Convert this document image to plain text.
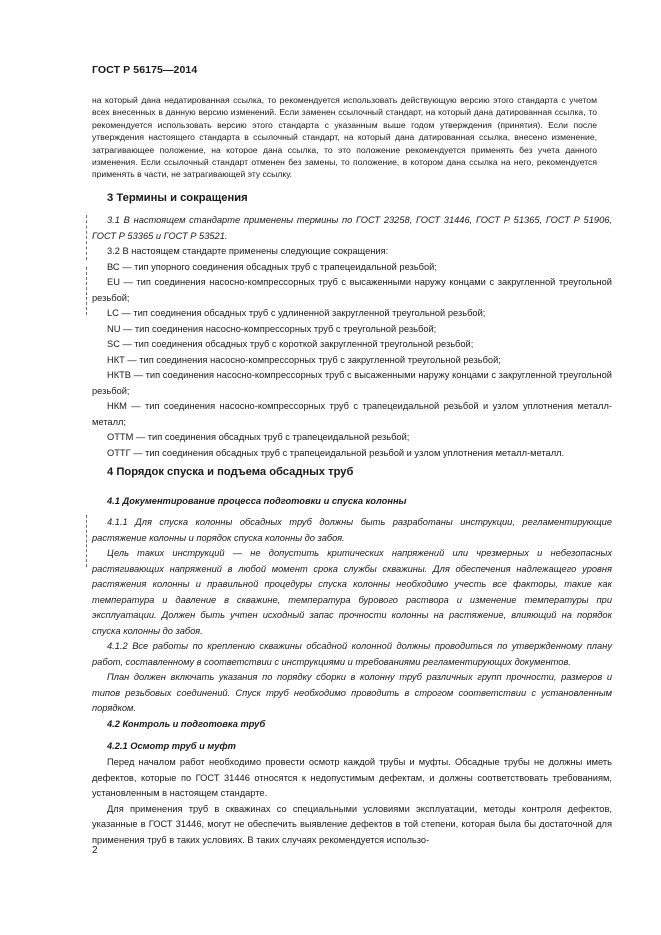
ГОСТ Р 56175—2014
на который дана недатированная ссылка, то рекомендуется использовать действующую версию этого стандарта с учетом всех внесенных в данную версию изменений. Если заменен ссылочный стандарт, на который дана датированная ссылка, то рекомендуется использовать версию этого стандарта с указанным выше годом утверждения (принятия). Если после утверждения настоящего стандарта в ссылочный стандарт, на который дана датированная ссылка, внесено изменение, затрагивающее положение, на которое дана ссылка, то это положение рекомендуется применять без учета данного изменения. Если ссылочный стандарт отменен без замены, то положение, в котором дана ссылка на него, рекомендуется применять в части, не затрагивающей эту ссылку.
3 Термины и сокращения

3.1 В настоящем стандарте применены термины по ГОСТ 23258, ГОСТ 31446, ГОСТ Р 51365, ГОСТ Р 51906, ГОСТ Р 53365 и ГОСТ Р 53521.

3.2 В настоящем стандарте применены следующие сокращения:

ВС — тип упорного соединения обсадных труб с трапецеидальной резьбой;

EU — тип соединения насосно-компрессорных труб с высаженными наружу концами с закругленной треугольной резьбой;

LC — тип соединения обсадных труб с удлиненной закругленной треугольной резьбой;

NU — тип соединения насосно-компрессорных труб с треугольной резьбой;

SC — тип соединения обсадных труб с короткой закругленной треугольной резьбой;

НКТ — тип соединения насосно-компрессорных труб с закругленной треугольной резьбой;

НКТВ — тип соединения насосно-компрессорных труб с высаженными наружу концами с закругленной треугольной резьбой;

НКМ — тип соединения насосно-компрессорных труб с трапецеидальной резьбой и узлом уплотнения металл-металл;

ОТТМ — тип соединения обсадных труб с трапецеидальной резьбой;

ОТТГ — тип соединения обсадных труб с трапецеидальной резьбой и узлом уплотнения металл-металл.

4 Порядок спуска и подъема обсадных труб
4.1 Документирование процесса подготовки и спуска колонны

4.1.1 Для спуска колонны обсадных труб должны быть разработаны инструкции, регламентирующие растяжение колонны и порядок спуска колонны до забоя.

Цель таких инструкций — не допустить критических напряжений или чрезмерных и небезопасных растягивающих напряжений в любой момент срока службы скважины. Для обеспечения надлежащего уровня растяжения колонны и правильной процедуры спуска колонны необходимо учесть все факторы, такие как температура и давление в скважине, температура бурового раствора и изменение температуры при эксплуатации. Должен быть учтен исходный запас прочности колонны на растяжение, влияющий на порядок спуска колонны до забоя.

4.1.2 Все работы по креплению скважины обсадной колонной должны проводиться по утвержденному плану работ, составленному в соответствии с инструкциями и требованиями регламентирующих документов.

План должен включать указания по порядку сборки в колонну труб различных групп прочности, размеров и типов резьбовых соединений. Спуск труб необходимо проводить в строгом соответствии с установленным порядком.

4.2 Контроль и подготовка труб
4.2.1 Осмотр труб и муфт

Перед началом работ необходимо провести осмотр каждой трубы и муфты. Обсадные трубы не должны иметь дефектов, которые по ГОСТ 31446 относятся к недопустимым дефектам, и должны соответствовать требованиям, установленным в настоящем стандарте.

Для применения труб в скважинах со специальными условиями эксплуатации, методы контроля дефектов, указанные в ГОСТ 31446, могут не обеспечить выявление дефектов в той степени, которая была бы достаточной для применения труб в таких условиях. В таких случаях рекомендуется использо-

2
